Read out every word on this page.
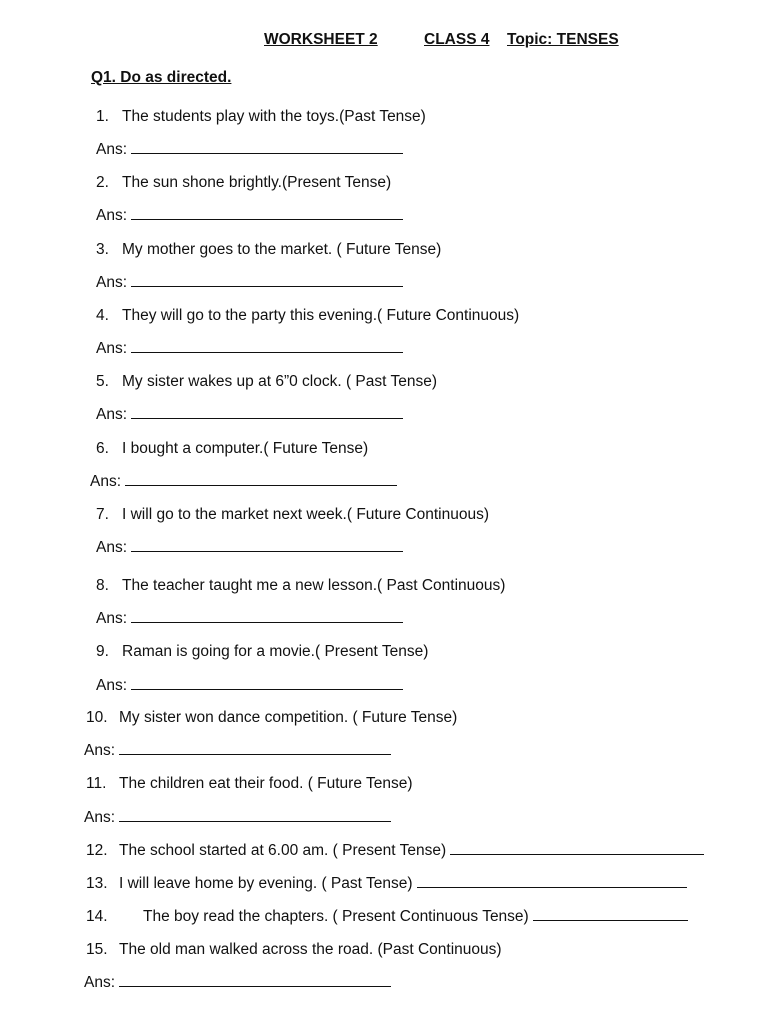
WORKSHEET 2	CLASS 4 Topic: TENSES
Q1. Do as directed.
1. The students play with the toys.(Past Tense)
Ans:
2. The sun shone brightly.(Present Tense)
Ans:
3. My mother goes to the market. ( Future Tense)
Ans:
4. They will go to the party this evening.( Future Continuous)
Ans:
5. My sister wakes up at 6”0 clock. ( Past Tense)
Ans:
6. I bought a computer.( Future Tense)
Ans:
7. I will go to the market next week.( Future Continuous)
Ans:
8. The teacher taught me a new lesson.( Past Continuous)
Ans:
9. Raman is going for a movie.( Present Tense)
Ans:
10. My sister won dance competition. ( Future Tense)
Ans:
11. The children eat their food. ( Future Tense)
Ans:
12. The school started at 6.00 am. ( Present Tense)
13. I will leave home by evening. ( Past Tense)
14. The boy read the chapters. ( Present Continuous Tense)
15. The old man walked across the road. (Past Continuous)
Ans:
